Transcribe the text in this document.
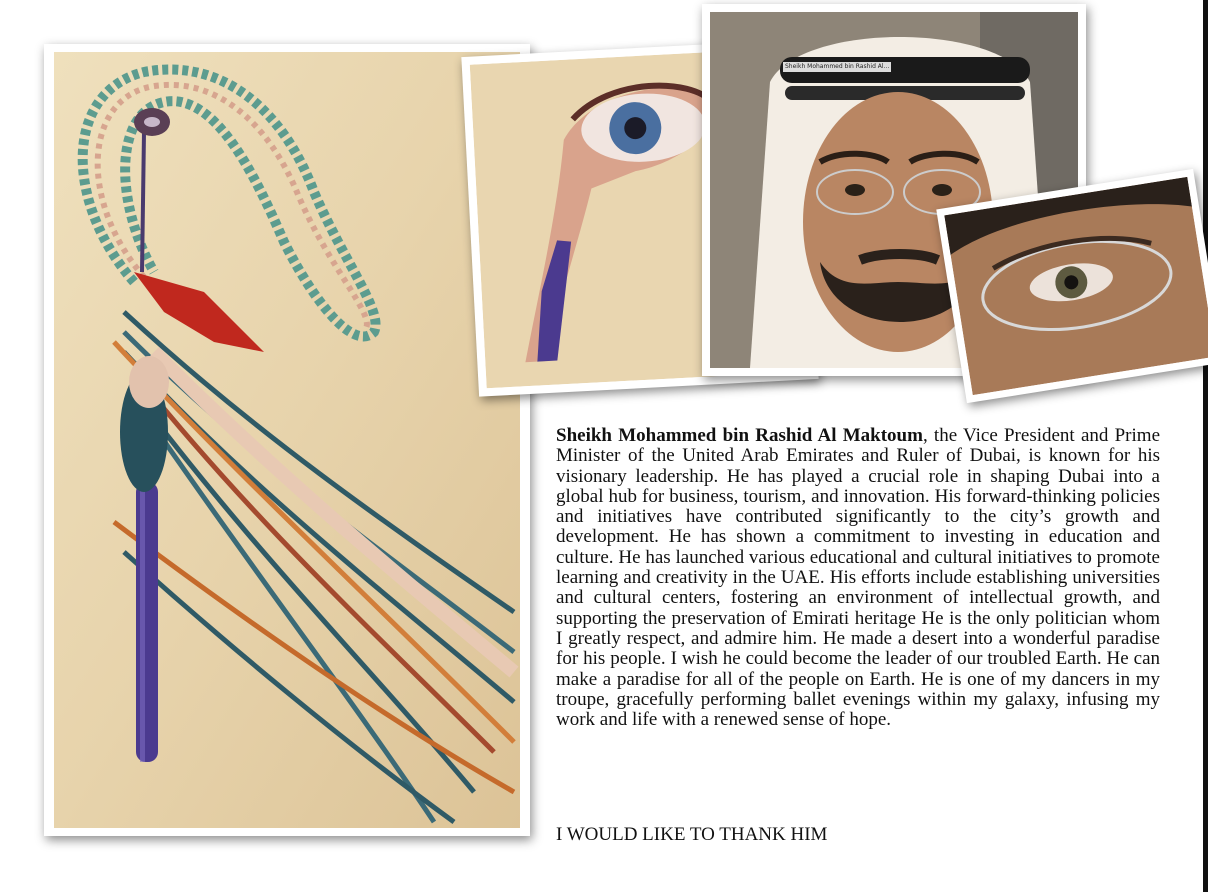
Sheikh Mohammed bin Rashid Al...
Sheikh Mohammed bin Rashid Al Maktoum, the Vice President and Prime Minister of the United Arab Emirates and Ruler of Dubai, is known for his visionary leadership. He has played a crucial role in shaping Dubai into a global hub for business, tourism, and innovation. His forward-thinking policies and initiatives have contributed significantly to the city’s growth and development. He has shown a commitment to investing in education and culture. He has launched various educational and cultural initiatives to promote learning and creativity in the UAE. His efforts include establishing universities and cultural centers, fostering an environment of intellectual growth, and supporting the preservation of Emirati heritage He is the only politician whom I greatly respect, and admire him. He made a desert into a wonderful paradise for his people. I wish he could become the leader of our troubled Earth. He can make a paradise for all of the people on Earth. He is one of my dancers in my troupe, gracefully performing ballet evenings within my galaxy, infusing my work and life with a renewed sense of hope.
I WOULD LIKE TO THANK HIM
